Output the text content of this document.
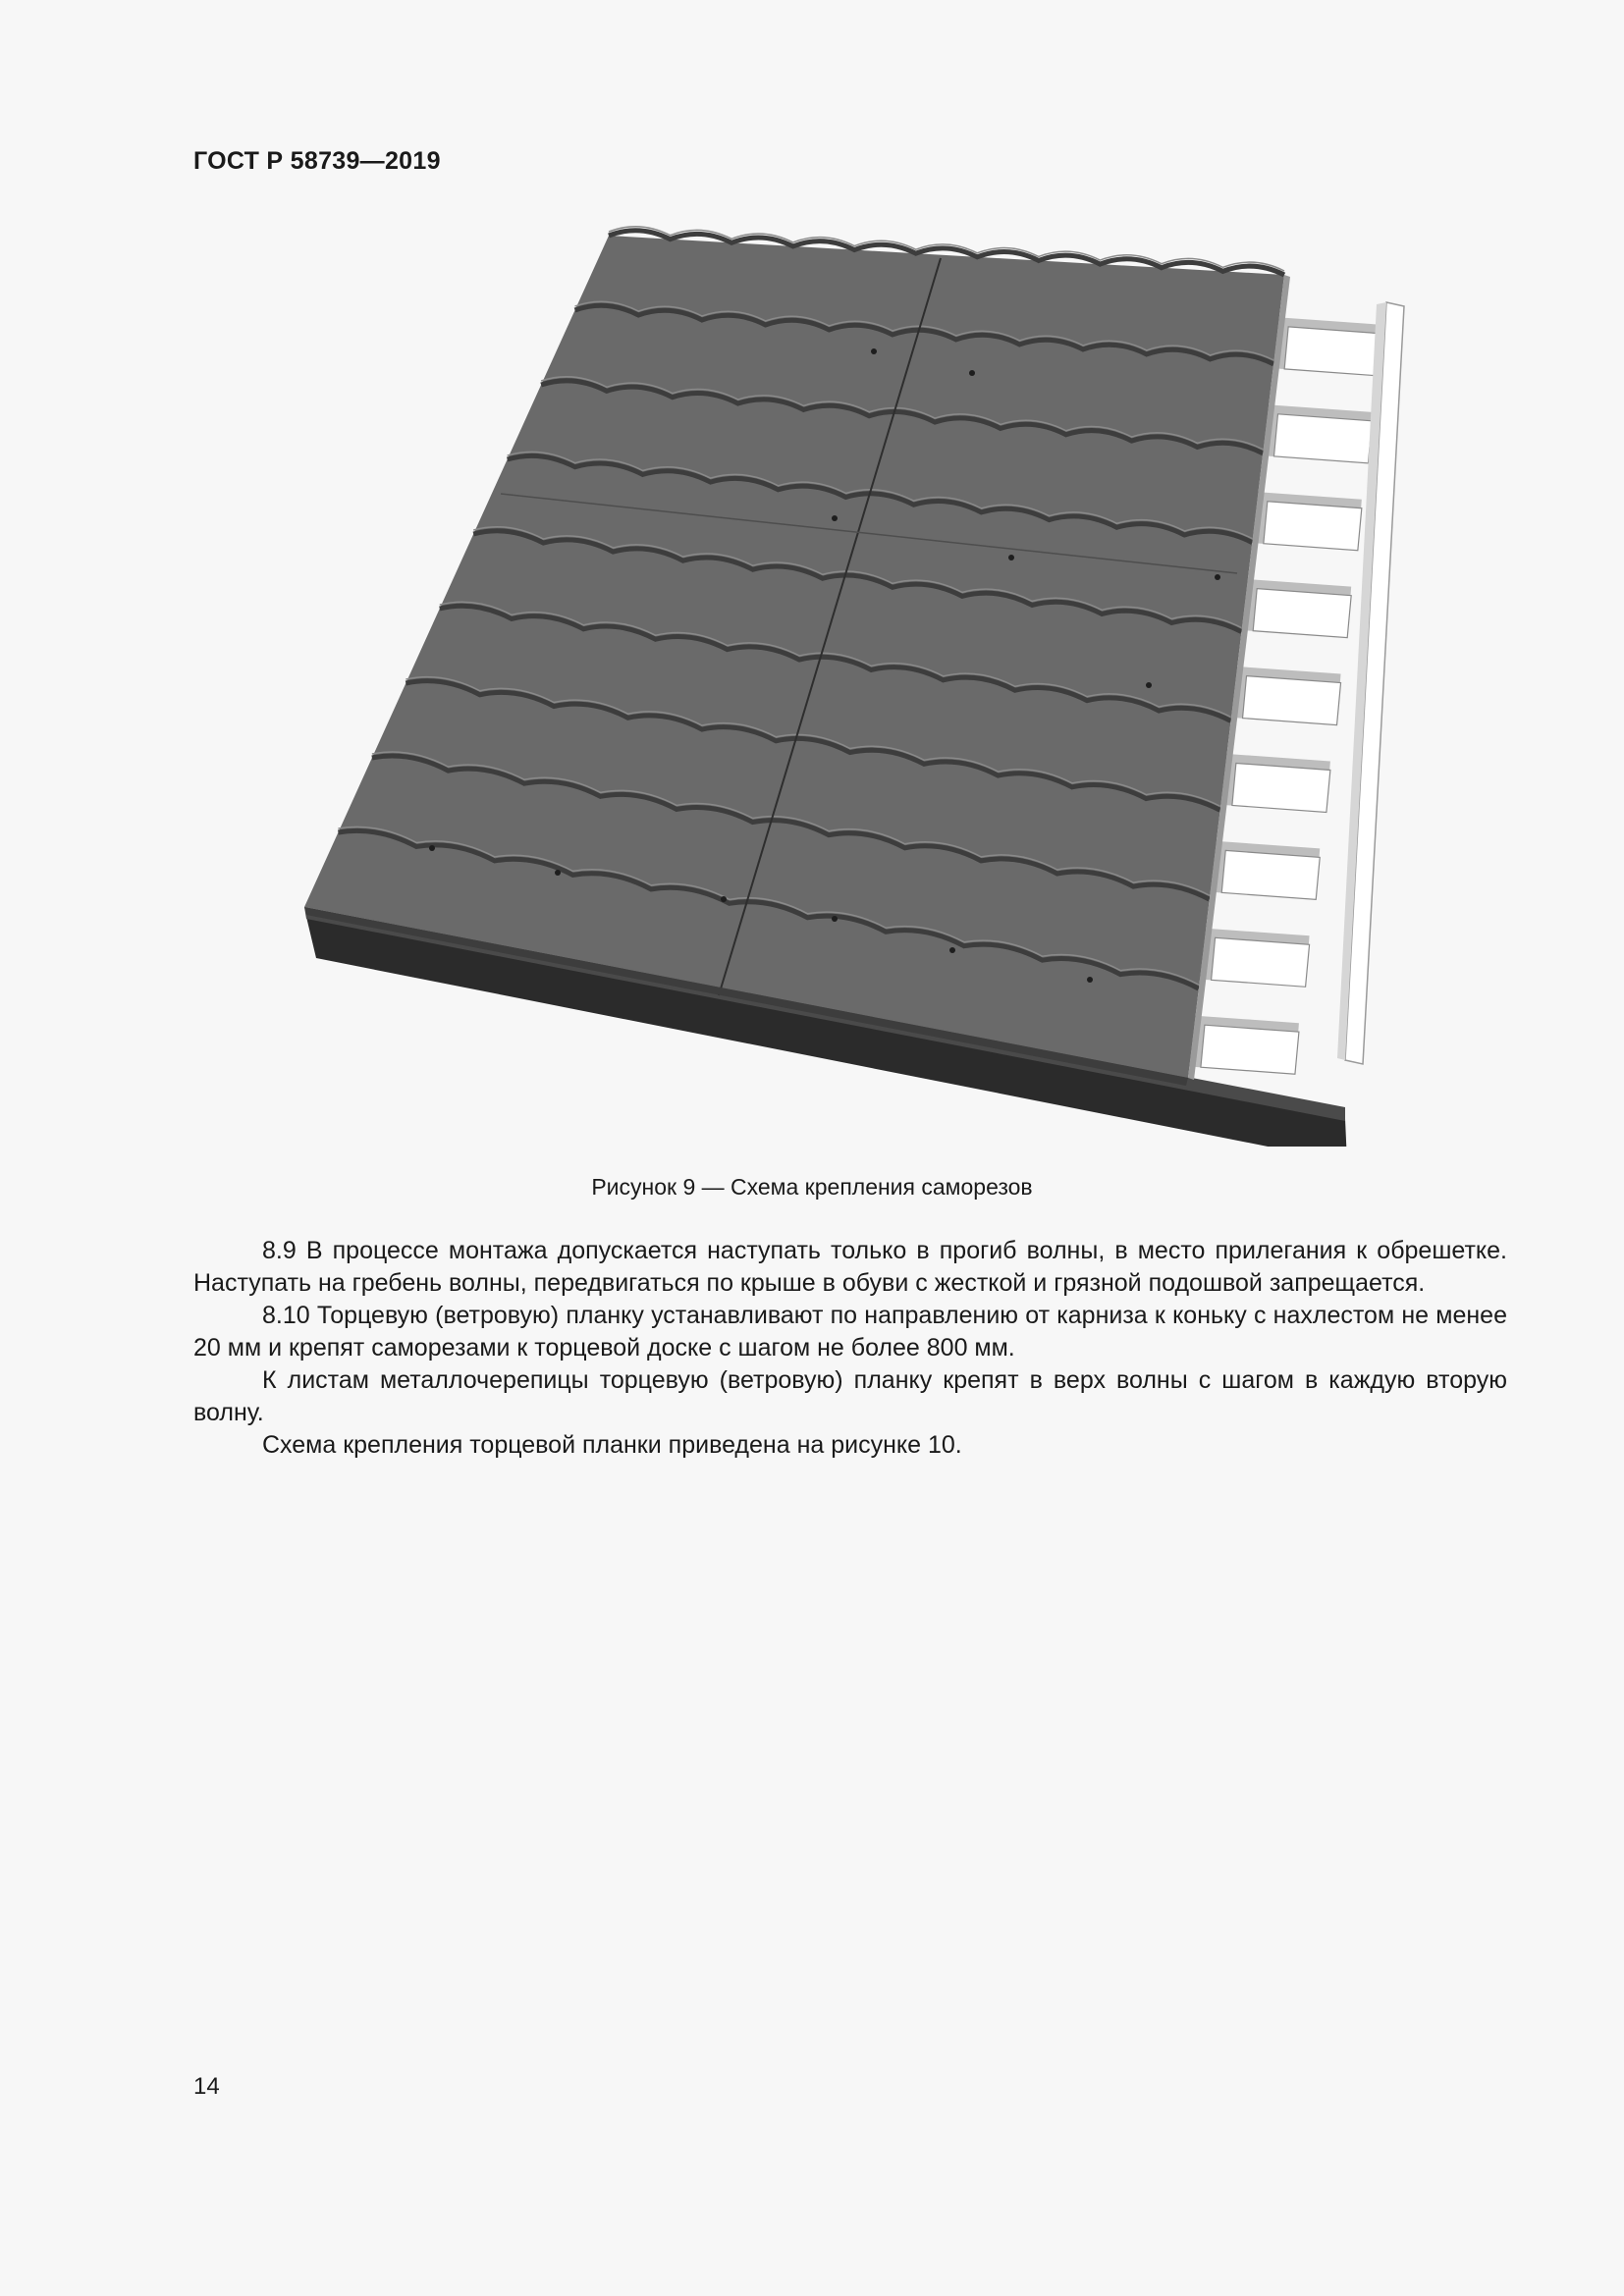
ГОСТ Р 58739—2019
Рисунок 9 — Схема крепления саморезов

8.9 В процессе монтажа допускается наступать только в прогиб волны, в место прилегания к обрешетке. Наступать на гребень волны, передвигаться по крыше в обуви с жесткой и грязной подошвой запрещается.

8.10 Торцевую (ветровую) планку устанавливают по направлению от карниза к коньку с нахлестом не менее 20 мм и крепят саморезами к торцевой доске с шагом не более 800 мм.

К листам металлочерепицы торцевую (ветровую) планку крепят в верх волны с шагом в каждую вторую волну.

Схема крепления торцевой планки приведена на рисунке 10.

14
